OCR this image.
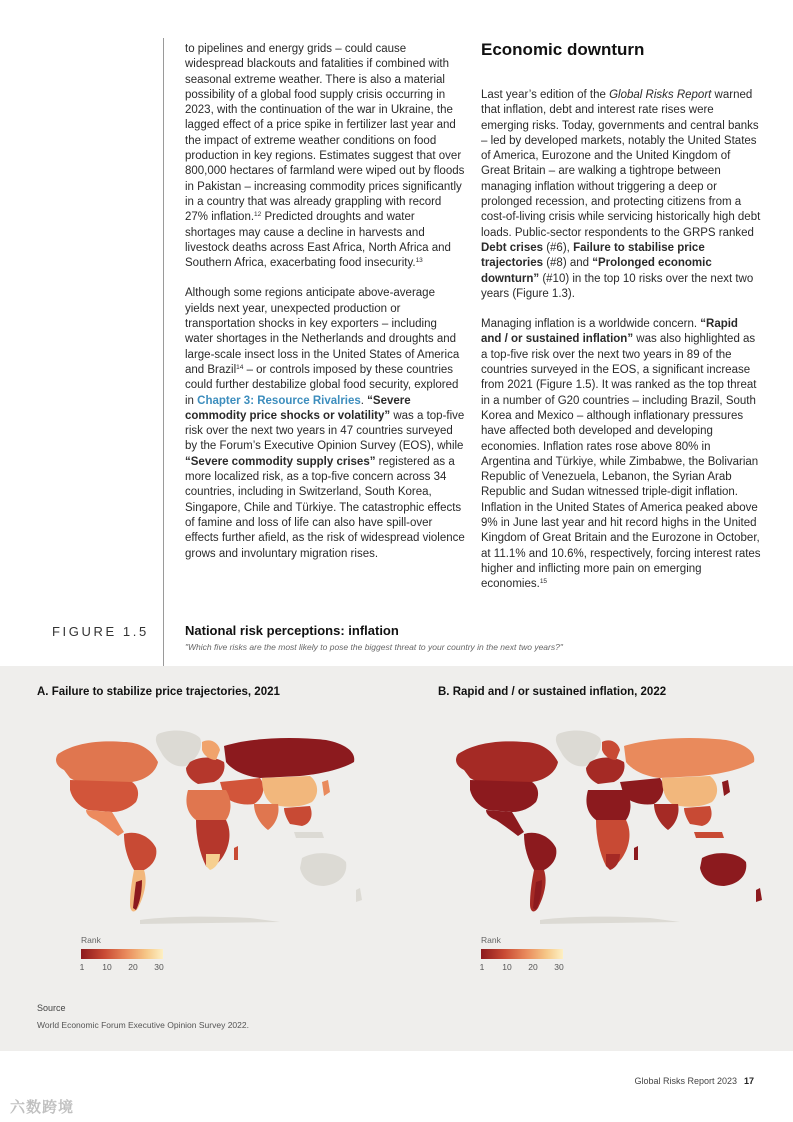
to pipelines and energy grids – could cause widespread blackouts and fatalities if combined with seasonal extreme weather. There is also a material possibility of a global food supply crisis occurring in 2023, with the continuation of the war in Ukraine, the lagged effect of a price spike in fertilizer last year and the impact of extreme weather conditions on food production in key regions. Estimates suggest that over 800,000 hectares of farmland were wiped out by floods in Pakistan – increasing commodity prices significantly in a country that was already grappling with record 27% inflation.$^{12}$ Predicted droughts and water shortages may cause a decline in harvests and livestock deaths across East Africa, North Africa and Southern Africa, exacerbating food insecurity.$^{13}$

Although some regions anticipate above-average yields next year, unexpected production or transportation shocks in key exporters – including water shortages in the Netherlands and droughts and large-scale insect loss in the United States of America and Brazil$^{14}$ – or controls imposed by these countries could further destabilize global food security, explored in Chapter 3: Resource Rivalries. “Severe commodity price shocks or volatility” was a top-five risk over the next two years in 47 countries surveyed by the Forum’s Executive Opinion Survey (EOS), while “Severe commodity supply crises” registered as a more localized risk, as a top-five concern across 34 countries, including in Switzerland, South Korea, Singapore, Chile and Türkiye. The catastrophic effects of famine and loss of life can also have spill-over effects further afield, as the risk of widespread violence grows and involuntary migration rises.

Economic downturn

Last year’s edition of the Global Risks Report warned that inflation, debt and interest rate rises were emerging risks. Today, governments and central banks – led by developed markets, notably the United States of America, Eurozone and the United Kingdom of Great Britain – are walking a tightrope between managing inflation without triggering a deep or prolonged recession, and protecting citizens from a cost-of-living crisis while servicing historically high debt loads. Public-sector respondents to the GRPS ranked Debt crises (#6), Failure to stabilise price trajectories (#8) and “Prolonged economic downturn” (#10) in the top 10 risks over the next two years (Figure 1.3).

Managing inflation is a worldwide concern. “Rapid and / or sustained inflation” was also highlighted as a top-five risk over the next two years in 89 of the countries surveyed in the EOS, a significant increase from 2021 (Figure 1.5). It was ranked as the top threat in a number of G20 countries – including Brazil, South Korea and Mexico – although inflationary pressures have affected both developed and developing economies. Inflation rates rose above 80% in Argentina and Türkiye, while Zimbabwe, the Bolivarian Republic of Venezuela, Lebanon, the Syrian Arab Republic and Sudan witnessed triple-digit inflation. Inflation in the United States of America peaked above 9% in June last year and hit record highs in the United Kingdom of Great Britain and the Eurozone in October, at 11.1% and 10.6%, respectively, forcing interest rates higher and inflicting more pain on emerging economies.$^{15}$

FIGURE 1.5	National risk perceptions: inflation
"Which five risks are the most likely to pose the biggest threat to your country in the next two years?"
A. Failure to stabilize price trajectories, 2021	B. Rapid and / or sustained inflation, 2022
Rank
1 10 20 30
Rank
1 10 20 30
Source
World Economic Forum Executive Opinion Survey 2022.
Global Risks Report 2023 17
六数跨境
